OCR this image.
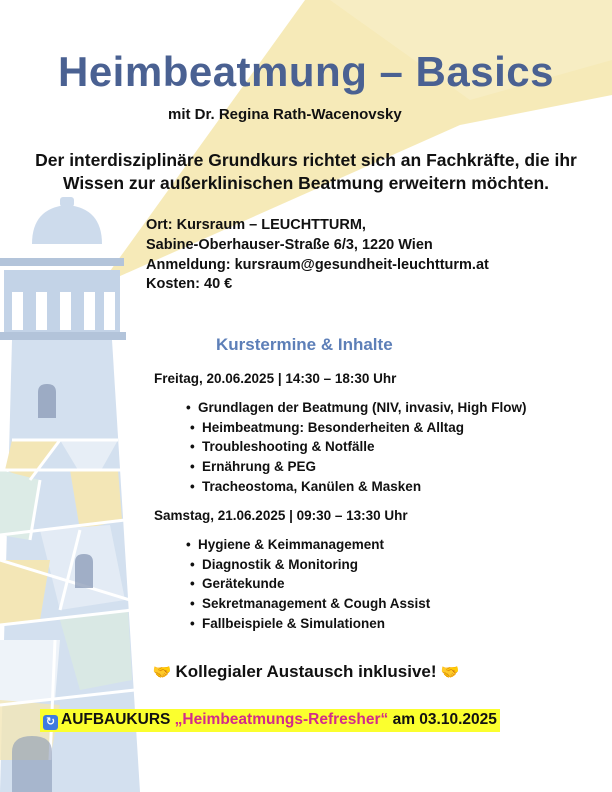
Heimbeatmung – Basics
mit Dr. Regina Rath-Wacenovsky
Der interdisziplinäre Grundkurs richtet sich an Fachkräfte, die ihr
Wissen zur außerklinischen Beatmung erweitern möchten.
Ort: Kursraum – LEUCHTTURM,
Sabine-Oberhauser-Straße 6/3, 1220 Wien
Anmeldung: kursraum@gesundheit-leuchtturm.at
Kosten: 40 €
Kurstermine & Inhalte
Freitag, 20.06.2025 | 14:30 – 18:30 Uhr
• Grundlagen der Beatmung (NIV, invasiv, High Flow)
• Heimbeatmung: Besonderheiten & Alltag
• Troubleshooting & Notfälle
• Ernährung & PEG
• Tracheostoma, Kanülen & Masken
Samstag, 21.06.2025 | 09:30 – 13:30 Uhr
• Hygiene & Keimmanagement
• Diagnostik & Monitoring
• Gerätekunde
• Sekretmanagement & Cough Assist
• Fallbeispiele & Simulationen
🤝 Kollegialer Austausch inklusive! 🤝
↻ AUFBAUKURS „Heimbeatmungs-Refresher“ am 03.10.2025
